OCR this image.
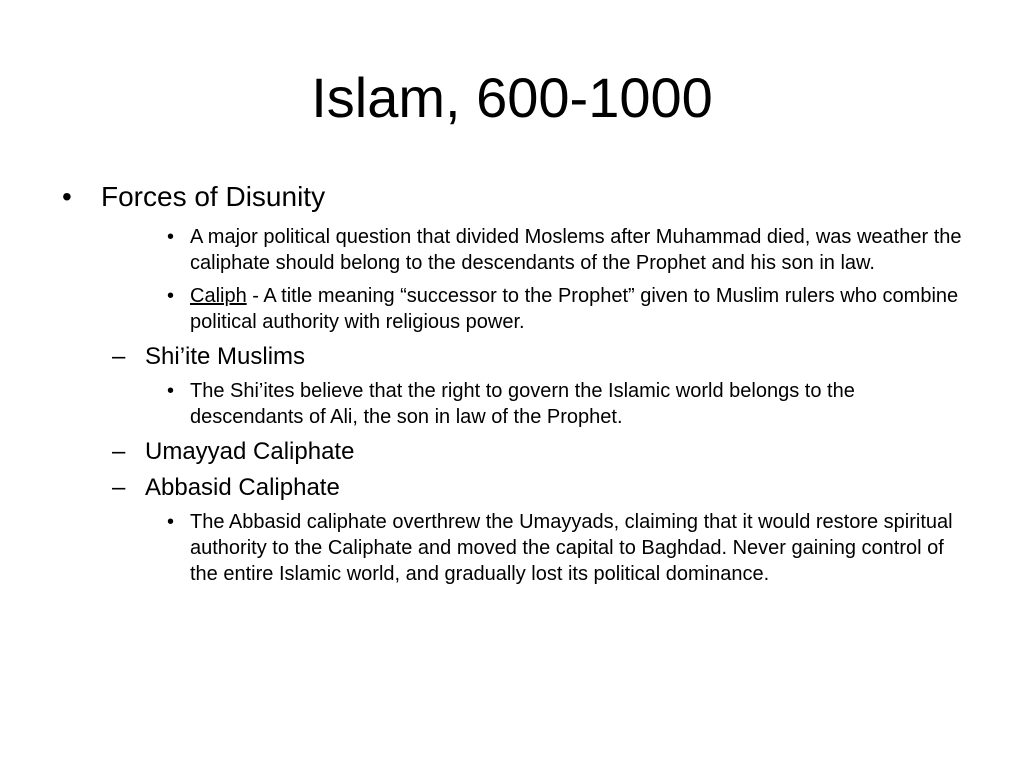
Islam, 600-1000
• Forces of Disunity
• A major political question that divided Moslems after Muhammad died, was weather the caliphate should belong to the descendants of the Prophet and his son in law.
• Caliph - A title meaning “successor to the Prophet” given to Muslim rulers who combine political authority with religious power.
– Shi’ite Muslims
• The Shi’ites believe that the right to govern the Islamic world belongs to the descendants of Ali, the son in law of the Prophet.
– Umayyad Caliphate
– Abbasid Caliphate
• The Abbasid caliphate overthrew the Umayyads, claiming that it would restore spiritual authority to the Caliphate and moved the capital to Baghdad. Never gaining control of the entire Islamic world, and gradually lost its political dominance.
